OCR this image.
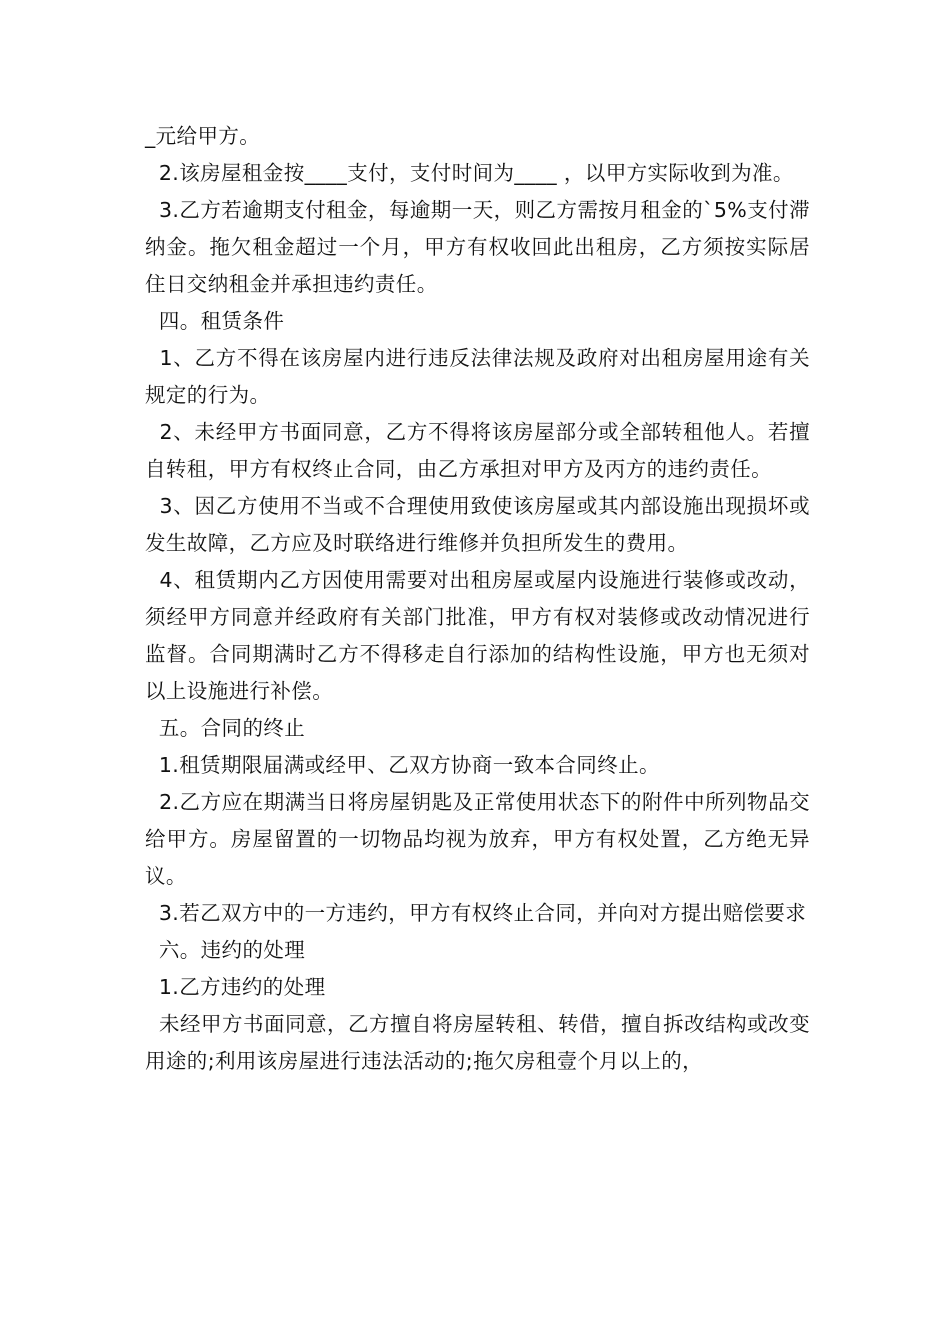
_元给甲方。

2.该房屋租金按____支付，支付时间为____ ，以甲方实际收到为准。

3.乙方若逾期支付租金，每逾期一天，则乙方需按月租金的`5%支付滞纳金。拖欠租金超过一个月，甲方有权收回此出租房，乙方须按实际居住日交纳租金并承担违约责任。

四。租赁条件

1、乙方不得在该房屋内进行违反法律法规及政府对出租房屋用途有关规定的行为。

2、未经甲方书面同意，乙方不得将该房屋部分或全部转租他人。若擅自转租，甲方有权终止合同，由乙方承担对甲方及丙方的违约责任。

3、因乙方使用不当或不合理使用致使该房屋或其内部设施出现损坏或发生故障，乙方应及时联络进行维修并负担所发生的费用。

4、租赁期内乙方因使用需要对出租房屋或屋内设施进行装修或改动，须经甲方同意并经政府有关部门批准，甲方有权对装修或改动情况进行监督。合同期满时乙方不得移走自行添加的结构性设施，甲方也无须对以上设施进行补偿。

五。合同的终止

1.租赁期限届满或经甲、乙双方协商一致本合同终止。

2.乙方应在期满当日将房屋钥匙及正常使用状态下的附件中所列物品交给甲方。房屋留置的一切物品均视为放弃，甲方有权处置，乙方绝无异议。

3.若乙双方中的一方违约，甲方有权终止合同，并向对方提出赔偿要求

六。违约的处理

1.乙方违约的处理

未经甲方书面同意，乙方擅自将房屋转租、转借，擅自拆改结构或改变用途的;利用该房屋进行违法活动的;拖欠房租壹个月以上的，
